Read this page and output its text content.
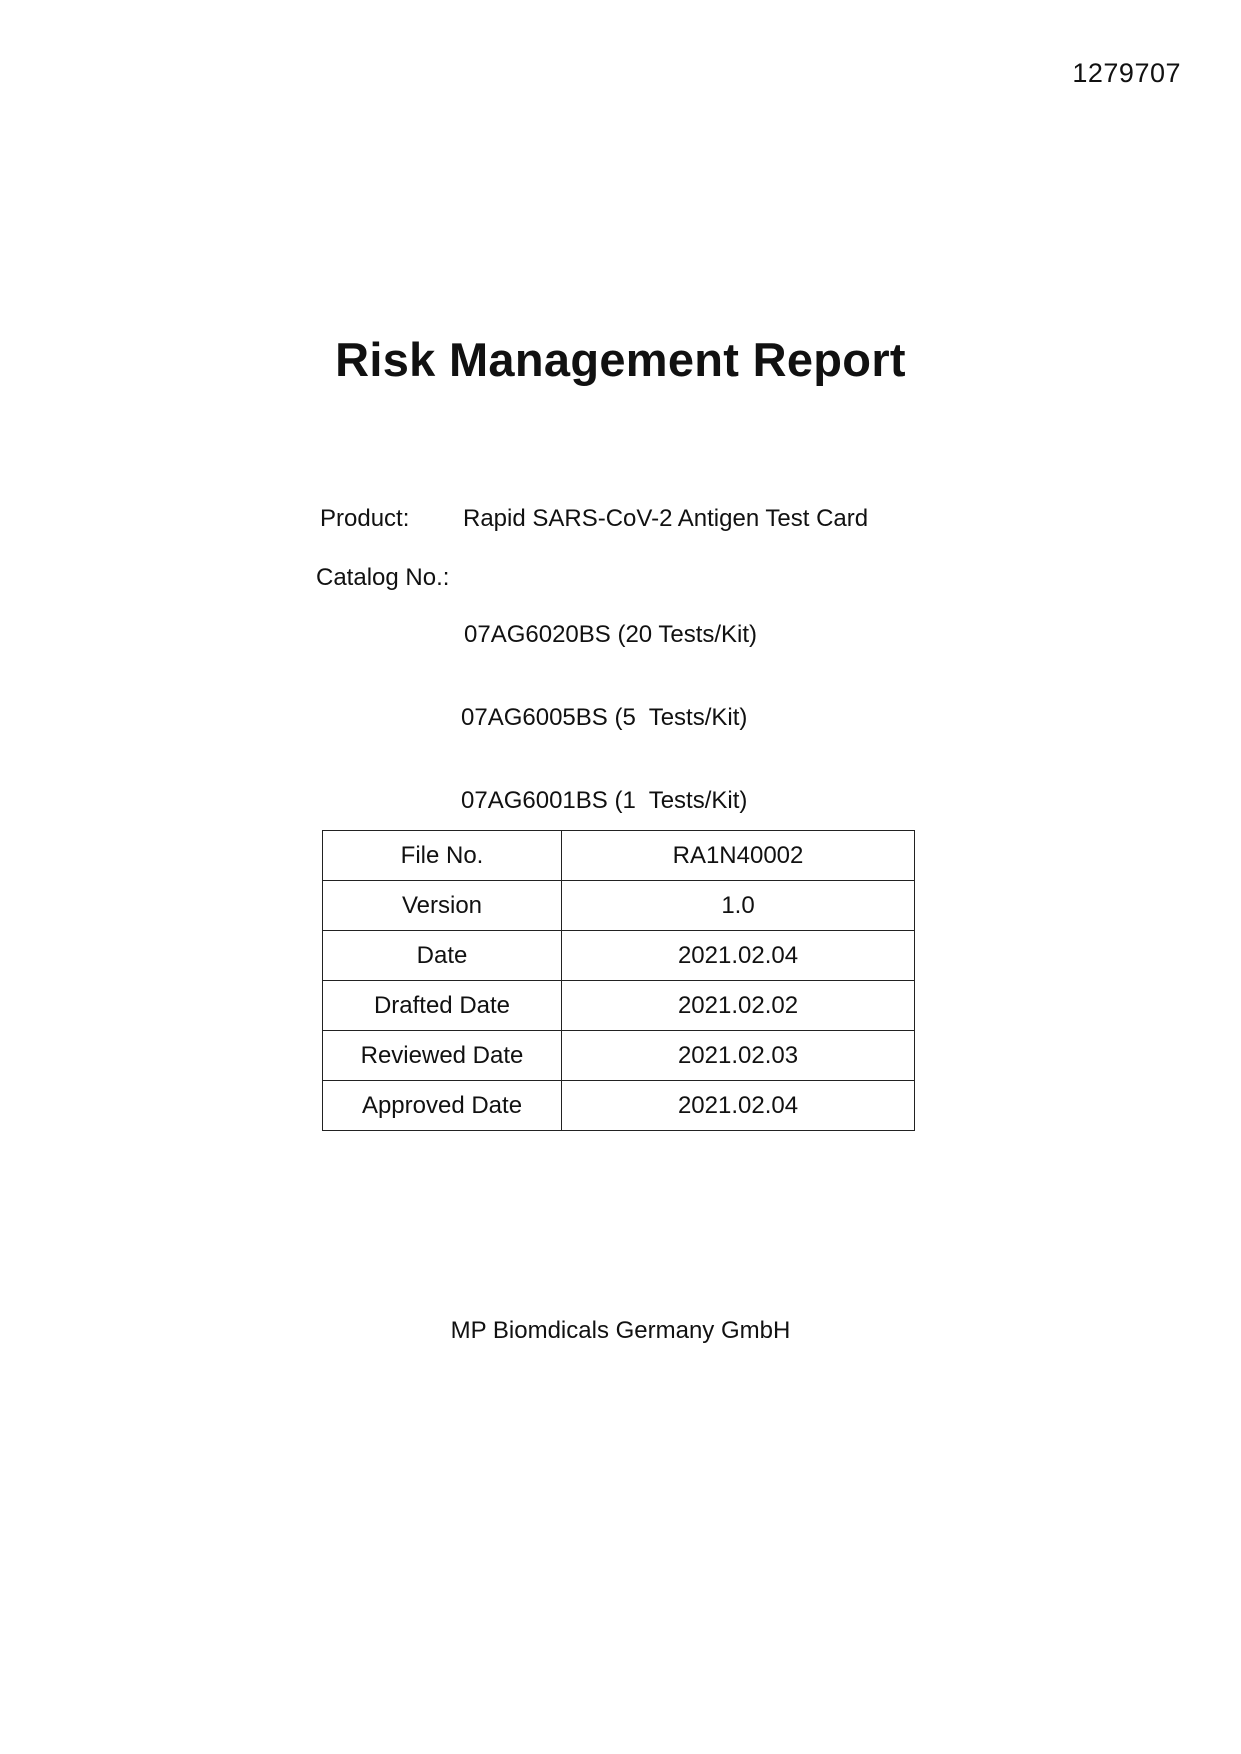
1279707
Risk Management Report
Product: Rapid SARS-CoV-2 Antigen Test Card
Catalog No.:

07AG6020BS (20 Tests/Kit)

07AG6005BS (5  Tests/Kit)

07AG6001BS (1  Tests/Kit)

File No.	RA1N40002
Version	1.0
Date	2021.02.04
Drafted Date	2021.02.02
Reviewed Date	2021.02.03
Approved Date	2021.02.04
MP Biomdicals Germany GmbH
